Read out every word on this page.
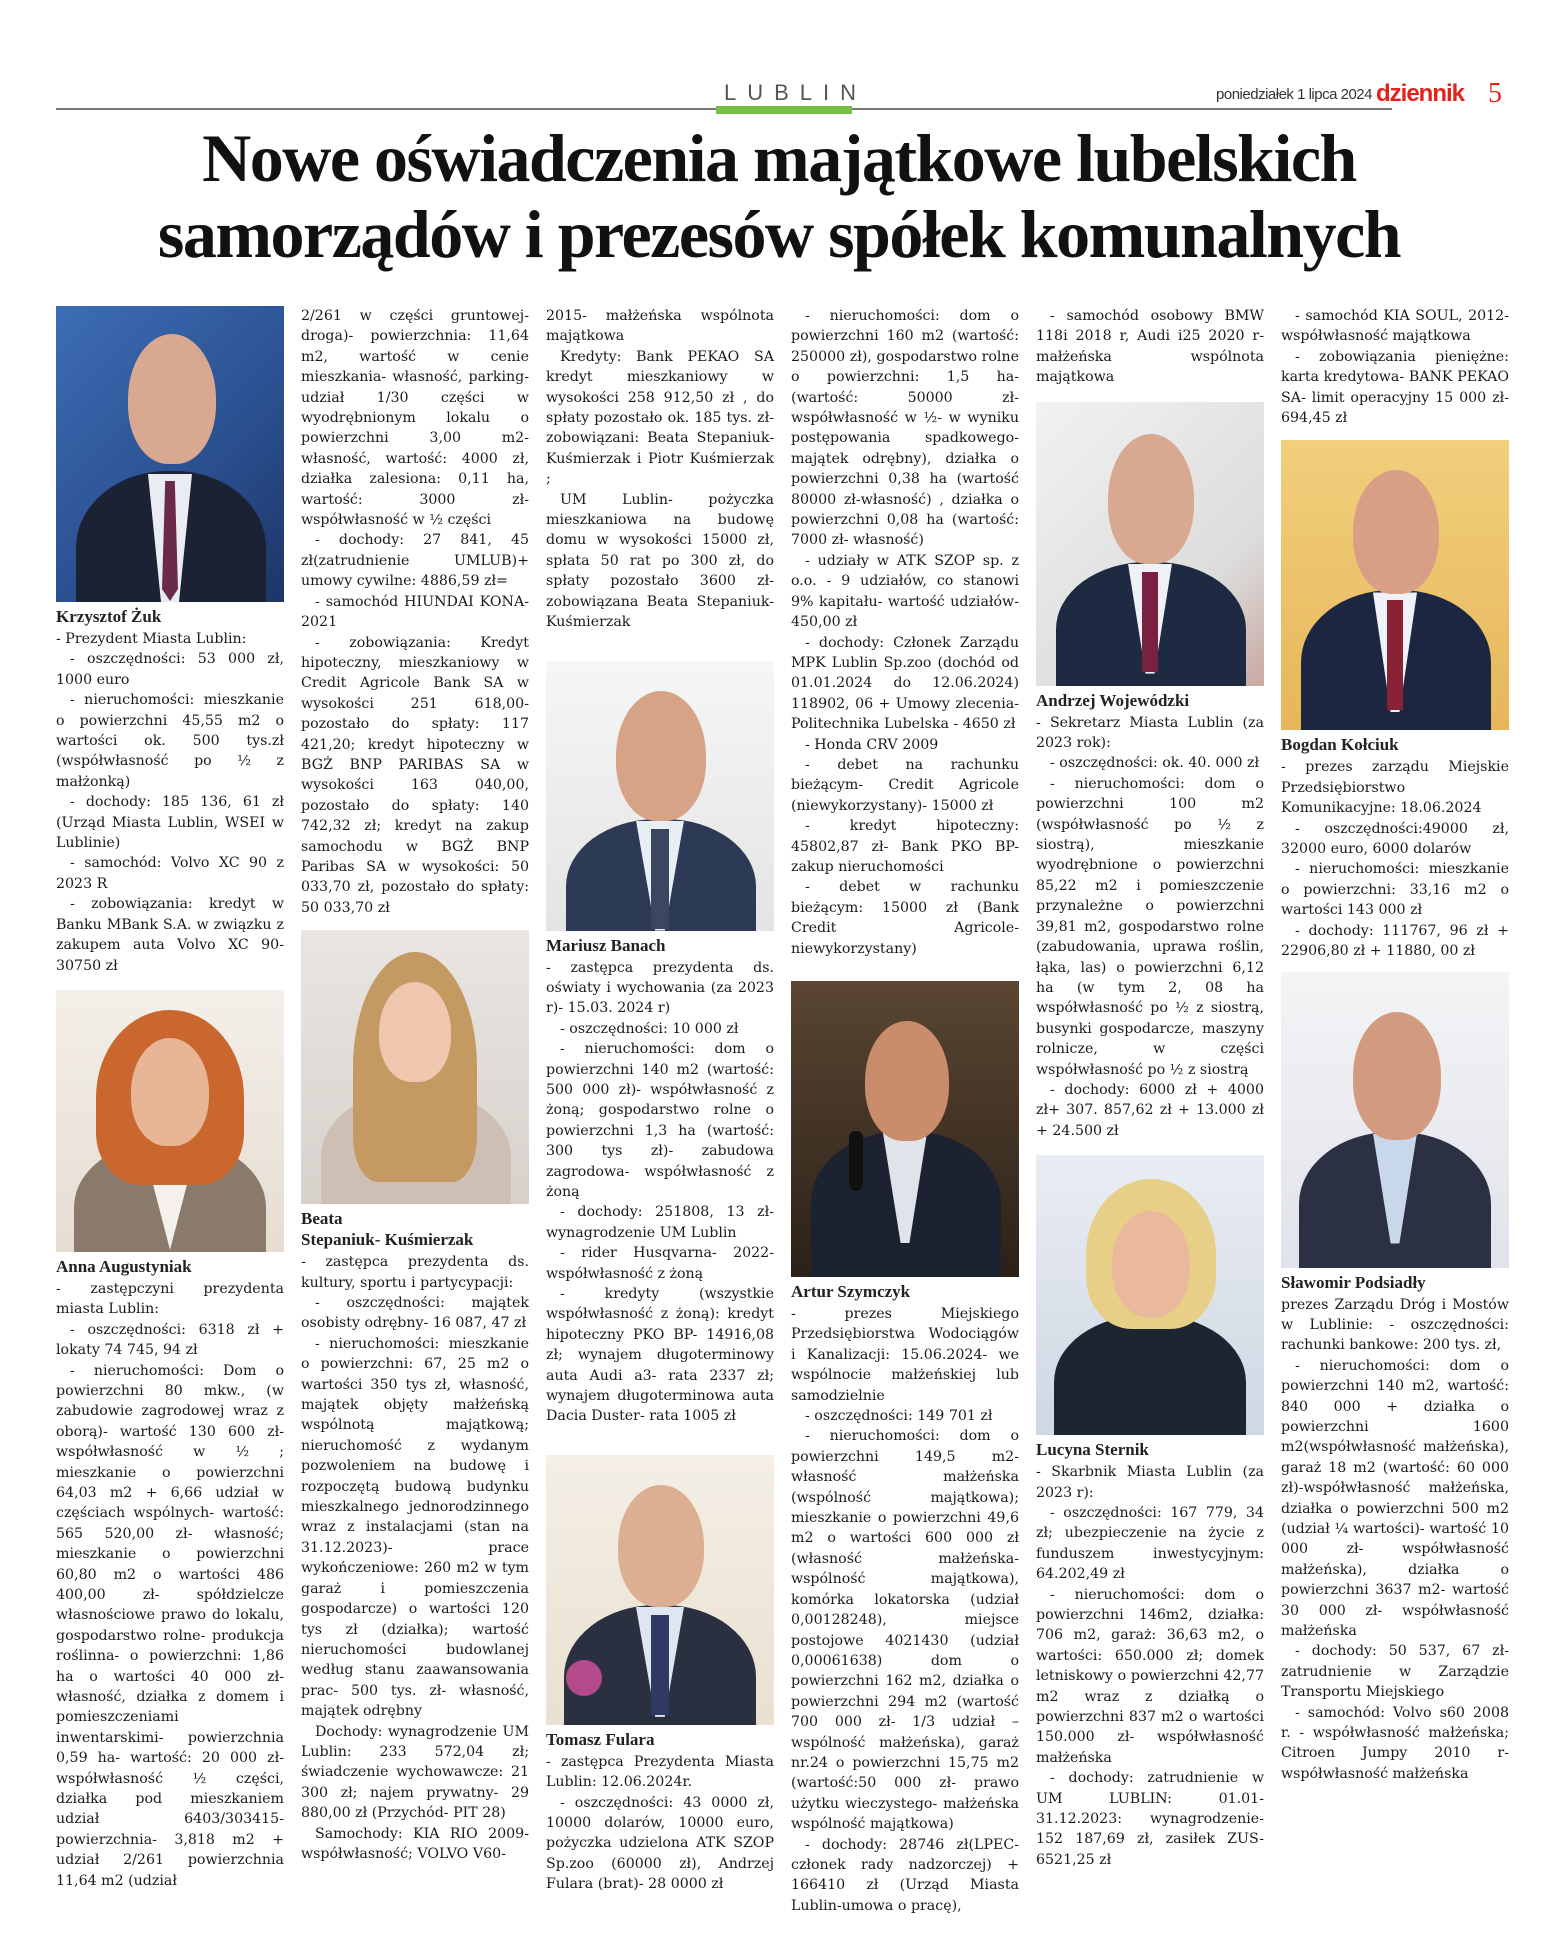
LUBLIN	poniedziałek 1 lipca 2024 dziennik 5
Nowe oświadczenia majątkowe lubelskich
samorządów i prezesów spółek komunalnych
Krzysztof Żuk

- Prezydent Miasta Lublin:

- oszczędności: 53 000 zł, 1000 euro

- nieruchomości: mieszkanie o powierzchni 45,55 m2 o wartości ok. 500 tys.zł (współwłasność po ½ z małżonką)

- dochody: 185 136, 61 zł (Urząd Miasta Lublin, WSEI w Lublinie)

- samochód: Volvo XC 90 z 2023 R

- zobowiązania: kredyt w Banku MBank S.A. w związku z zakupem auta Volvo XC 90- 30750 zł

Anna Augustyniak

- zastępczyni prezydenta miasta Lublin:

- oszczędności: 6318 zł + lokaty 74 745, 94 zł

- nieruchomości: Dom o powierzchni 80 mkw., (w zabudowie zagrodowej wraz z oborą)- wartość 130 600 zł- współwłasność w ½ ; mieszkanie o powierzchni 64,03 m2 + 6,66 udział w częściach wspólnych- wartość: 565 520,00 zł- własność; mieszkanie o powierzchni 60,80 m2 o wartości 486 400,00 zł- spółdzielcze własnościowe prawo do lokalu, gospodarstwo rolne- produkcja roślinna- o powierzchni: 1,86 ha o wartości 40 000 zł- własność, działka z domem i pomieszczeniami inwentarskimi- powierzchnia 0,59 ha- wartość: 20 000 zł- współwłasność ½ części, działka pod mieszkaniem udział 6403/303415- powierzchnia- 3,818 m2 + udział 2/261 powierzchnia 11,64 m2 (udział

2/261 w części gruntowej- droga)- powierzchnia: 11,64 m2, wartość w cenie mieszkania- własność, parking- udział 1/30 części w wyodrębnionym lokalu o powierzchni 3,00 m2- własność, wartość: 4000 zł, działka zalesiona: 0,11 ha, wartość: 3000 zł- współwłasność w ½ części

- dochody: 27 841, 45 zł(zatrudnienie UMLUB)+ umowy cywilne: 4886,59 zł=

- samochód HIUNDAI KONA- 2021

- zobowiązania: Kredyt hipoteczny, mieszkaniowy w Credit Agricole Bank SA w wysokości 251 618,00- pozostało do spłaty: 117 421,20; kredyt hipoteczny w BGŻ BNP PARIBAS SA w wysokości 163 040,00, pozostało do spłaty: 140 742,32 zł; kredyt na zakup samochodu w BGŻ BNP Paribas SA w wysokości: 50 033,70 zł, pozostało do spłaty: 50 033,70 zł

Beata
Stepaniuk- Kuśmierzak

- zastępca prezydenta ds. kultury, sportu i partycypacji:

- oszczędności: majątek osobisty odrębny- 16 087, 47 zł

- nieruchomości: mieszkanie o powierzchni: 67, 25 m2 o wartości 350 tys zł, własność, majątek objęty małżeńską wspólnotą majątkową; nieruchomość z wydanym pozwoleniem na budowę i rozpoczętą budową budynku mieszkalnego jednorodzinnego wraz z instalacjami (stan na 31.12.2023)- prace wykończeniowe: 260 m2 w tym garaż i pomieszczenia gospodarcze) o wartości 120 tys zł (działka); wartość nieruchomości budowlanej według stanu zaawansowania prac- 500 tys. zł- własność, majątek odrębny

Dochody: wynagrodzenie UM Lublin: 233 572,04 zł; świadczenie wychowawcze: 21 300 zł; najem prywatny- 29 880,00 zł (Przychód- PIT 28)

Samochody: KIA RIO 2009- współwłasność; VOLVO V60-

2015- małżeńska wspólnota majątkowa

Kredyty: Bank PEKAO SA kredyt mieszkaniowy w wysokości 258 912,50 zł , do spłaty pozostało ok. 185 tys. zł- zobowiązani: Beata Stepaniuk- Kuśmierzak i Piotr Kuśmierzak ;

UM Lublin- pożyczka mieszkaniowa na budowę domu w wysokości 15000 zł, spłata 50 rat po 300 zł, do spłaty pozostało 3600 zł- zobowiązana Beata Stepaniuk-Kuśmierzak

Mariusz Banach

- zastępca prezydenta ds. oświaty i wychowania (za 2023 r)- 15.03. 2024 r)

- oszczędności: 10 000 zł

- nieruchomości: dom o powierzchni 140 m2 (wartość: 500 000 zł)- współwłasność z żoną; gospodarstwo rolne o powierzchni 1,3 ha (wartość: 300 tys zł)- zabudowa zagrodowa- współwłasność z żoną

- dochody: 251808, 13 zł- wynagrodzenie UM Lublin

- rider Husqvarna- 2022- współwłasność z żoną

- kredyty (wszystkie współwłasność z żoną): kredyt hipoteczny PKO BP- 14916,08 zł; wynajem długoterminowy auta Audi a3- rata 2337 zł; wynajem długoterminowa auta Dacia Duster- rata 1005 zł

Tomasz Fulara

- zastępca Prezydenta Miasta Lublin: 12.06.2024r.

- oszczędności: 43 0000 zł, 10000 dolarów, 10000 euro, pożyczka udzielona ATK SZOP Sp.zoo (60000 zł), Andrzej Fulara (brat)- 28 0000 zł

- nieruchomości: dom o powierzchni 160 m2 (wartość: 250000 zł), gospodarstwo rolne o powierzchni: 1,5 ha- (wartość: 50000 zł- współwłasność w ½- w wyniku postępowania spadkowego- majątek odrębny), działka o powierzchni 0,38 ha (wartość 80000 zł-własność) , działka o powierzchni 0,08 ha (wartość: 7000 zł- własność)

- udziały w ATK SZOP sp. z o.o. - 9 udziałów, co stanowi 9% kapitału- wartość udziałów- 450,00 zł

- dochody: Członek Zarządu MPK Lublin Sp.zoo (dochód od 01.01.2024 do 12.06.2024) 118902, 06 + Umowy zlecenia- Politechnika Lubelska - 4650 zł

- Honda CRV 2009

- debet na rachunku bieżącym- Credit Agricole (niewykorzystany)- 15000 zł

- kredyt hipoteczny: 45802,87 zł- Bank PKO BP- zakup nieruchomości

- debet w rachunku bieżącym: 15000 zł (Bank Credit Agricole-niewykorzystany)

Artur Szymczyk

- prezes Miejskiego Przedsiębiorstwa Wodociągów i Kanalizacji: 15.06.2024- we wspólnocie małżeńskiej lub samodzielnie

- oszczędności: 149 701 zł

- nieruchomości: dom o powierzchni 149,5 m2- własność małżeńska (wspólność majątkowa); mieszkanie o powierzchni 49,6 m2 o wartości 600 000 zł (własność małżeńska- wspólność majątkowa), komórka lokatorska (udział 0,00128248), miejsce postojowe 4021430 (udział 0,00061638) dom o powierzchni 162 m2, działka o powierzchni 294 m2 (wartość 700 000 zł- 1/3 udział – wspólność małżeńska), garaż nr.24 o powierzchni 15,75 m2 (wartość:50 000 zł- prawo użytku wieczystego- małżeńska wspólność majątkowa)

- dochody: 28746 zł(LPEC- członek rady nadzorczej) + 166410 zł (Urząd Miasta Lublin-umowa o pracę),

- samochód osobowy BMW 118i 2018 r, Audi i25 2020 r- małżeńska wspólnota majątkowa

Andrzej Wojewódzki

- Sekretarz Miasta Lublin (za 2023 rok):

- oszczędności: ok. 40. 000 zł

- nieruchomości: dom o powierzchni 100 m2 (współwłasność po ½ z siostrą), mieszkanie wyodrębnione o powierzchni 85,22 m2 i pomieszczenie przynależne o powierzchni 39,81 m2, gospodarstwo rolne (zabudowania, uprawa roślin, łąka, las) o powierzchni 6,12 ha (w tym 2, 08 ha współwłasność po ½ z siostrą, busynki gospodarcze, maszyny rolnicze, w części współwłasność po ½ z siostrą

- dochody: 6000 zł + 4000 zł+ 307. 857,62 zł + 13.000 zł + 24.500 zł

Lucyna Sternik

- Skarbnik Miasta Lublin (za 2023 r):

- oszczędności: 167 779, 34 zł; ubezpieczenie na życie z funduszem inwestycyjnym: 64.202,49 zł

- nieruchomości: dom o powierzchni 146m2, działka: 706 m2, garaż: 36,63 m2, o wartości: 650.000 zł; domek letniskowy o powierzchni 42,77 m2 wraz z działką o powierzchni 837 m2 o wartości 150.000 zł- współwłasność małżeńska

- dochody: zatrudnienie w UM LUBLIN: 01.01- 31.12.2023: wynagrodzenie- 152 187,69 zł, zasiłek ZUS- 6521,25 zł

- samochód KIA SOUL, 2012- współwłasność majątkowa

- zobowiązania pieniężne: karta kredytowa- BANK PEKAO SA- limit operacyjny 15 000 zł- 694,45 zł

Bogdan Kołciuk

- prezes zarządu Miejskie Przedsiębiorstwo Komunikacyjne: 18.06.2024

- oszczędności:49000 zł, 32000 euro, 6000 dolarów

- nieruchomości: mieszkanie o powierzchni: 33,16 m2 o wartości 143 000 zł

- dochody: 111767, 96 zł + 22906,80 zł + 11880, 00 zł

Sławomir Podsiadły

prezes Zarządu Dróg i Mostów w Lublinie: - oszczędności: rachunki bankowe: 200 tys. zł,

- nieruchomości: dom o powierzchni 140 m2, wartość: 840 000 + działka o powierzchni 1600 m2(współwłasność małżeńska), garaż 18 m2 (wartość: 60 000 zł)-współwłasność małżeńska, działka o powierzchni 500 m2 (udział ¼ wartości)- wartość 10 000 zł- współwłasność małżeńska), działka o powierzchni 3637 m2- wartość 30 000 zł- współwłasność małżeńska

- dochody: 50 537, 67 zł- zatrudnienie w Zarządzie Transportu Miejskiego

- samochód: Volvo s60 2008 r. - współwłasność małżeńska; Citroen Jumpy 2010 r-współwłasność małżeńska
